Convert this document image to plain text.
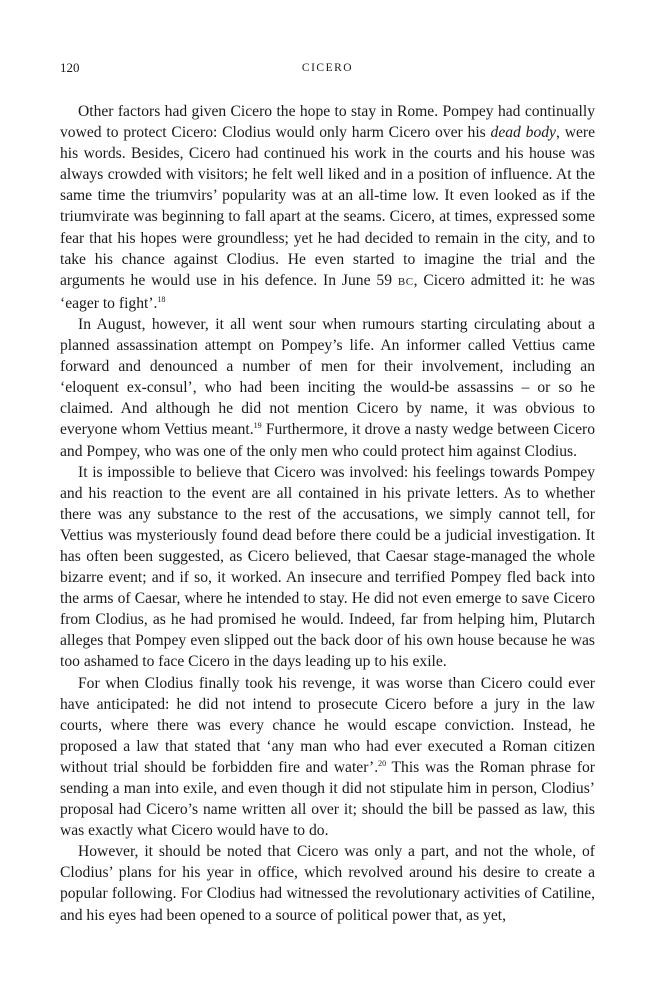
120	CICERO

Other factors had given Cicero the hope to stay in Rome. Pompey had continually vowed to protect Cicero: Clodius would only harm Cicero over his dead body, were his words. Besides, Cicero had continued his work in the courts and his house was always crowded with visitors; he felt well liked and in a position of influence. At the same time the triumvirs’ popularity was at an all-time low. It even looked as if the triumvirate was beginning to fall apart at the seams. Cicero, at times, expressed some fear that his hopes were groundless; yet he had decided to remain in the city, and to take his chance against Clodius. He even started to imagine the trial and the arguments he would use in his defence. In June 59 BC, Cicero admitted it: he was ‘eager to fight’.$^{18}$

In August, however, it all went sour when rumours starting circulating about a planned assassination attempt on Pompey’s life. An informer called Vettius came forward and denounced a number of men for their involvement, including an ‘eloquent ex-consul’, who had been inciting the would-be assassins – or so he claimed. And although he did not mention Cicero by name, it was obvious to everyone whom Vettius meant.$^{19}$ Furthermore, it drove a nasty wedge between Cicero and Pompey, who was one of the only men who could protect him against Clodius.

It is impossible to believe that Cicero was involved: his feelings towards Pompey and his reaction to the event are all contained in his private letters. As to whether there was any substance to the rest of the accusations, we simply cannot tell, for Vettius was mysteriously found dead before there could be a judicial investigation. It has often been suggested, as Cicero believed, that Caesar stage-managed the whole bizarre event; and if so, it worked. An insecure and terrified Pompey fled back into the arms of Caesar, where he intended to stay. He did not even emerge to save Cicero from Clodius, as he had promised he would. Indeed, far from helping him, Plutarch alleges that Pompey even slipped out the back door of his own house because he was too ashamed to face Cicero in the days leading up to his exile.

For when Clodius finally took his revenge, it was worse than Cicero could ever have anticipated: he did not intend to prosecute Cicero before a jury in the law courts, where there was every chance he would escape conviction. Instead, he proposed a law that stated that ‘any man who had ever executed a Roman citizen without trial should be forbidden fire and water’.$^{20}$ This was the Roman phrase for sending a man into exile, and even though it did not stipulate him in person, Clodius’ proposal had Cicero’s name written all over it; should the bill be passed as law, this was exactly what Cicero would have to do.

However, it should be noted that Cicero was only a part, and not the whole, of Clodius’ plans for his year in office, which revolved around his desire to create a popular following. For Clodius had witnessed the revolutionary activities of Catiline, and his eyes had been opened to a source of political power that, as yet,
